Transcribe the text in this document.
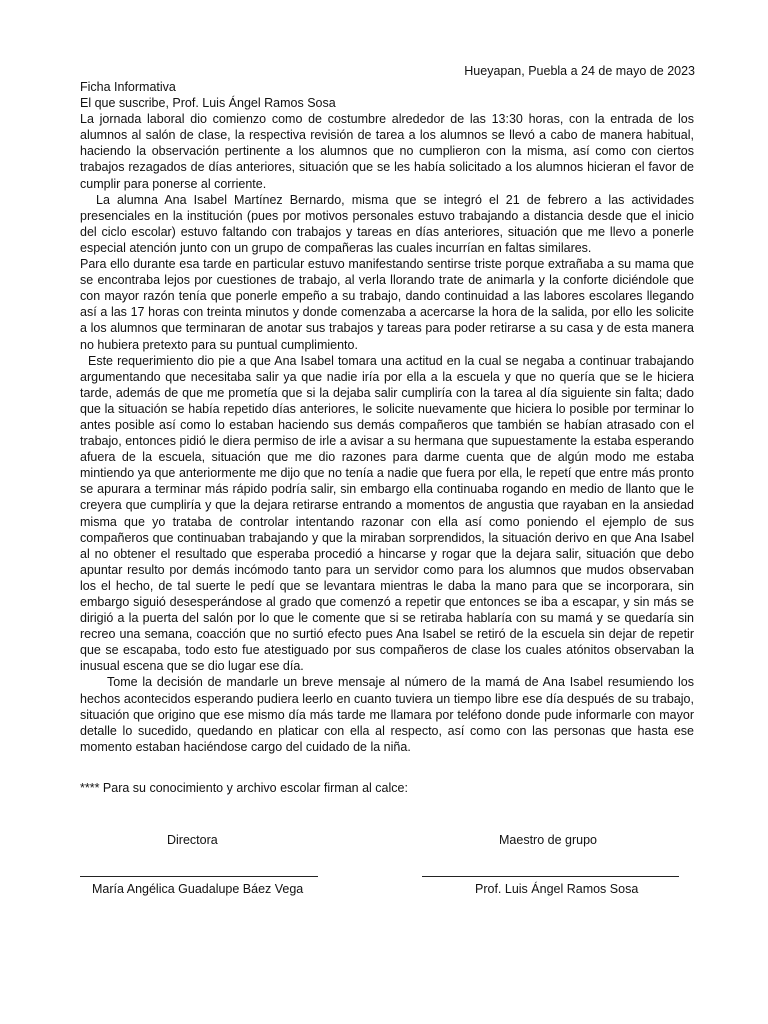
Hueyapan, Puebla a 24 de mayo de 2023

Ficha Informativa

El que suscribe, Prof. Luis Ángel Ramos Sosa

La jornada laboral dio comienzo como de costumbre alrededor de las 13:30 horas, con la entrada de los alumnos al salón de clase, la respectiva revisión de tarea a los alumnos se llevó a cabo de manera habitual, haciendo la observación pertinente a los alumnos que no cumplieron con la misma, así como con ciertos trabajos rezagados de días anteriores, situación que se les había solicitado a los alumnos hicieran el favor de cumplir para ponerse al corriente.

La alumna Ana Isabel Martínez Bernardo, misma que se integró el 21 de febrero a las actividades presenciales en la institución (pues por motivos personales estuvo trabajando a distancia desde que el inicio del ciclo escolar) estuvo faltando con trabajos y tareas en días anteriores, situación que me llevo a ponerle especial atención junto con un grupo de compañeras las cuales incurrían en faltas similares.

Para ello durante esa tarde en particular estuvo manifestando sentirse triste porque extrañaba a su mama que se encontraba lejos por cuestiones de trabajo, al verla llorando trate de animarla y la conforte diciéndole que con mayor razón tenía que ponerle empeño a su trabajo, dando continuidad a las labores escolares llegando así a las 17 horas con treinta minutos y donde comenzaba a acercarse la hora de la salida, por ello les solicite a los alumnos que terminaran de anotar sus trabajos y tareas para poder retirarse a su casa y de esta manera no hubiera pretexto para su puntual cumplimiento.

Este requerimiento dio pie a que Ana Isabel tomara una actitud en la cual se negaba a continuar trabajando argumentando que necesitaba salir ya que nadie iría por ella a la escuela y que no quería que se le hiciera tarde, además de que me prometía que si la dejaba salir cumpliría con la tarea al día siguiente sin falta; dado que la situación se había repetido días anteriores, le solicite nuevamente que hiciera lo posible por terminar lo antes posible así como lo estaban haciendo sus demás compañeros que también se habían atrasado con el trabajo, entonces pidió le diera permiso de irle a avisar a su hermana que supuestamente la estaba esperando afuera de la escuela, situación que me dio razones para darme cuenta que de algún modo me estaba mintiendo ya que anteriormente me dijo que no tenía a nadie que fuera por ella, le repetí que entre más pronto se apurara a terminar más rápido podría salir, sin embargo ella continuaba rogando en medio de llanto que le creyera que cumpliría y que la dejara retirarse entrando a momentos de angustia que rayaban en la ansiedad misma que yo trataba de controlar intentando razonar con ella así como poniendo el ejemplo de sus compañeros que continuaban trabajando y que la miraban sorprendidos, la situación derivo en que Ana Isabel al no obtener el resultado que esperaba procedió a hincarse y rogar que la dejara salir, situación que debo apuntar resulto por demás incómodo tanto para un servidor como para los alumnos que mudos observaban los el hecho, de tal suerte le pedí que se levantara mientras le daba la mano para que se incorporara, sin embargo siguió desesperándose al grado que comenzó a repetir que entonces se iba a escapar, y sin más se dirigió a la puerta del salón por lo que le comente que si se retiraba hablaría con su mamá y se quedaría sin recreo una semana, coacción que no surtió efecto pues Ana Isabel se retiró de la escuela sin dejar de repetir que se escapaba, todo esto fue atestiguado por sus compañeros de clase los cuales atónitos observaban la inusual escena que se dio lugar ese día.

Tome la decisión de mandarle un breve mensaje al número de la mamá de Ana Isabel resumiendo los hechos acontecidos esperando pudiera leerlo en cuanto tuviera un tiempo libre ese día después de su trabajo, situación que origino que ese mismo día más tarde me llamara por teléfono donde pude informarle con mayor detalle lo sucedido, quedando en platicar con ella al respecto, así como con las personas que hasta ese momento estaban haciéndose cargo del cuidado de la niña.

**** Para su conocimiento y archivo escolar firman al calce:
Directora
María Angélica Guadalupe Báez Vega
Maestro de grupo
Prof. Luis Ángel Ramos Sosa
